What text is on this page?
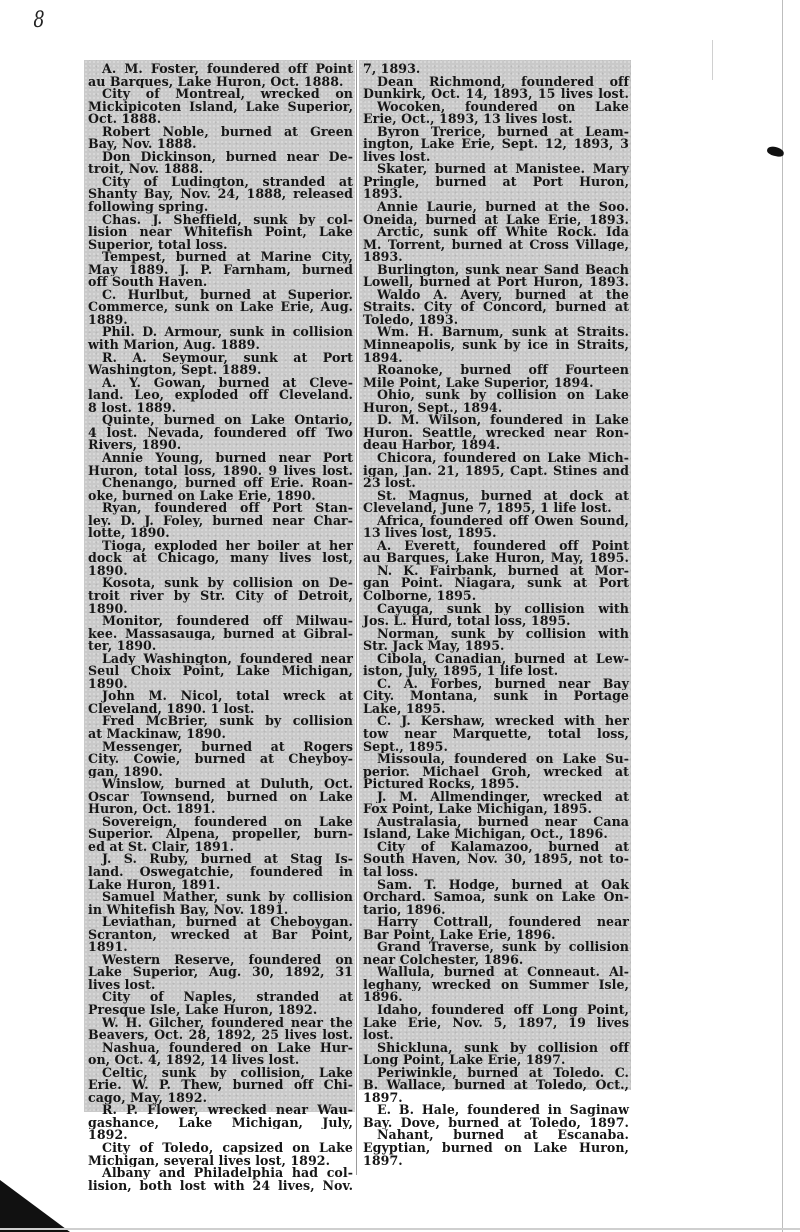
8
A. M. Foster, foundered off Point
au Barques, Lake Huron, Oct. 1888.
City of Montreal, wrecked on
Mickipicoten Island, Lake Superior,
Oct. 1888.
Robert Noble, burned at Green
Bay, Nov. 1888.
Don Dickinson, burned near De-
troit, Nov. 1888.
City of Ludington, stranded at
Shanty Bay, Nov. 24, 1888, released
following spring.
Chas. J. Sheffield, sunk by col-
lision near Whitefish Point, Lake
Superior, total loss.
Tempest, burned at Marine City,
May 1889. J. P. Farnham, burned
off South Haven.
C. Hurlbut, burned at Superior.
Commerce, sunk on Lake Erie, Aug.
1889.
Phil. D. Armour, sunk in collision
with Marion, Aug. 1889.
R. A. Seymour, sunk at Port
Washington, Sept. 1889.
A. Y. Gowan, burned at Cleve-
land. Leo, exploded off Cleveland.
8 lost. 1889.
Quinte, burned on Lake Ontario,
4 lost. Nevada, foundered off Two
Rivers, 1890.
Annie Young, burned near Port
Huron, total loss, 1890. 9 lives lost.
Chenango, burned off Erie. Roan-
oke, burned on Lake Erie, 1890.
Ryan, foundered off Port Stan-
ley. D. J. Foley, burned near Char-
lotte, 1890.
Tioga, exploded her boiler at her
dock at Chicago, many lives lost,
1890.
Kosota, sunk by collision on De-
troit river by Str. City of Detroit,
1890.
Monitor, foundered off Milwau-
kee. Massasauga, burned at Gibral-
ter, 1890.
Lady Washington, foundered near
Seul Choix Point, Lake Michigan,
1890.
John M. Nicol, total wreck at
Cleveland, 1890. 1 lost.
Fred McBrier, sunk by collision
at Mackinaw, 1890.
Messenger, burned at Rogers
City. Cowie, burned at Cheyboy-
gan, 1890.
Winslow, burned at Duluth, Oct.
Oscar Townsend, burned on Lake
Huron, Oct. 1891.
Sovereign, foundered on Lake
Superior. Alpena, propeller, burn-
ed at St. Clair, 1891.
J. S. Ruby, burned at Stag Is-
land. Oswegatchie, foundered in
Lake Huron, 1891.
Samuel Mather, sunk by collision
in Whitefish Bay, Nov. 1891.
Leviathan, burned at Cheboygan.
Scranton, wrecked at Bar Point,
1891.
Western Reserve, foundered on
Lake Superior, Aug. 30, 1892, 31
lives lost.
City of Naples, stranded at
Presque Isle, Lake Huron, 1892.
W. H. Gilcher, foundered near the
Beavers, Oct. 28, 1892, 25 lives lost.
Nashua, foundered on Lake Hur-
on, Oct. 4, 1892, 14 lives lost.
Celtic, sunk by collision, Lake
Erie. W. P. Thew, burned off Chi-
cago, May, 1892.
R. P. Flower, wrecked near Wau-
gashance, Lake Michigan, July,
1892.
City of Toledo, capsized on Lake
Michigan, several lives lost, 1892.
Albany and Philadelphia had col-
lision, both lost with 24 lives, Nov.
7, 1893.
Dean Richmond, foundered off
Dunkirk, Oct. 14, 1893, 15 lives lost.
Wocoken, foundered on Lake
Erie, Oct., 1893, 13 lives lost.
Byron Trerice, burned at Leam-
ington, Lake Erie, Sept. 12, 1893, 3
lives lost.
Skater, burned at Manistee. Mary
Pringle, burned at Port Huron,
1893.
Annie Laurie, burned at the Soo.
Oneida, burned at Lake Erie, 1893.
Arctic, sunk off White Rock. Ida
M. Torrent, burned at Cross Village,
1893.
Burlington, sunk near Sand Beach
Lowell, burned at Port Huron, 1893.
Waldo A. Avery, burned at the
Straits. City of Concord, burned at
Toledo, 1893.
Wm. H. Barnum, sunk at Straits.
Minneapolis, sunk by ice in Straits,
1894.
Roanoke, burned off Fourteen
Mile Point, Lake Superior, 1894.
Ohio, sunk by collision on Lake
Huron, Sept., 1894.
D. M. Wilson, foundered in Lake
Huron. Seattle, wrecked near Ron-
deau Harbor, 1894.
Chicora, foundered on Lake Mich-
igan, Jan. 21, 1895, Capt. Stines and
23 lost.
St. Magnus, burned at dock at
Cleveland, June 7, 1895, 1 life lost.
Africa, foundered off Owen Sound,
13 lives lost, 1895.
A. Everett, foundered off Point
au Barques, Lake Huron, May, 1895.
N. K. Fairbank, burned at Mor-
gan Point. Niagara, sunk at Port
Colborne, 1895.
Cayuga, sunk by collision with
Jos. L. Hurd, total loss, 1895.
Norman, sunk by collision with
Str. Jack May, 1895.
Cibola, Canadian, burned at Lew-
iston, July, 1895, 1 life lost.
C. A. Forbes, burned near Bay
City. Montana, sunk in Portage
Lake, 1895.
C. J. Kershaw, wrecked with her
tow near Marquette, total loss,
Sept., 1895.
Missoula, foundered on Lake Su-
perior. Michael Groh, wrecked at
Pictured Rocks, 1895.
J. M. Allmendinger, wrecked at
Fox Point, Lake Michigan, 1895.
Australasia, burned near Cana
Island, Lake Michigan, Oct., 1896.
City of Kalamazoo, burned at
South Haven, Nov. 30, 1895, not to-
tal loss.
Sam. T. Hodge, burned at Oak
Orchard. Samoa, sunk on Lake On-
tario, 1896.
Harry Cottrall, foundered near
Bar Point, Lake Erie, 1896.
Grand Traverse, sunk by collision
near Colchester, 1896.
Wallula, burned at Conneaut. Al-
leghany, wrecked on Summer Isle,
1896.
Idaho, foundered off Long Point,
Lake Erie, Nov. 5, 1897, 19 lives
lost.
Shickluna, sunk by collision off
Long Point, Lake Erie, 1897.
Periwinkle, burned at Toledo. C.
B. Wallace, burned at Toledo, Oct.,
1897.
E. B. Hale, foundered in Saginaw
Bay. Dove, burned at Toledo, 1897.
Nahant, burned at Escanaba.
Egyptian, burned on Lake Huron,
1897.
